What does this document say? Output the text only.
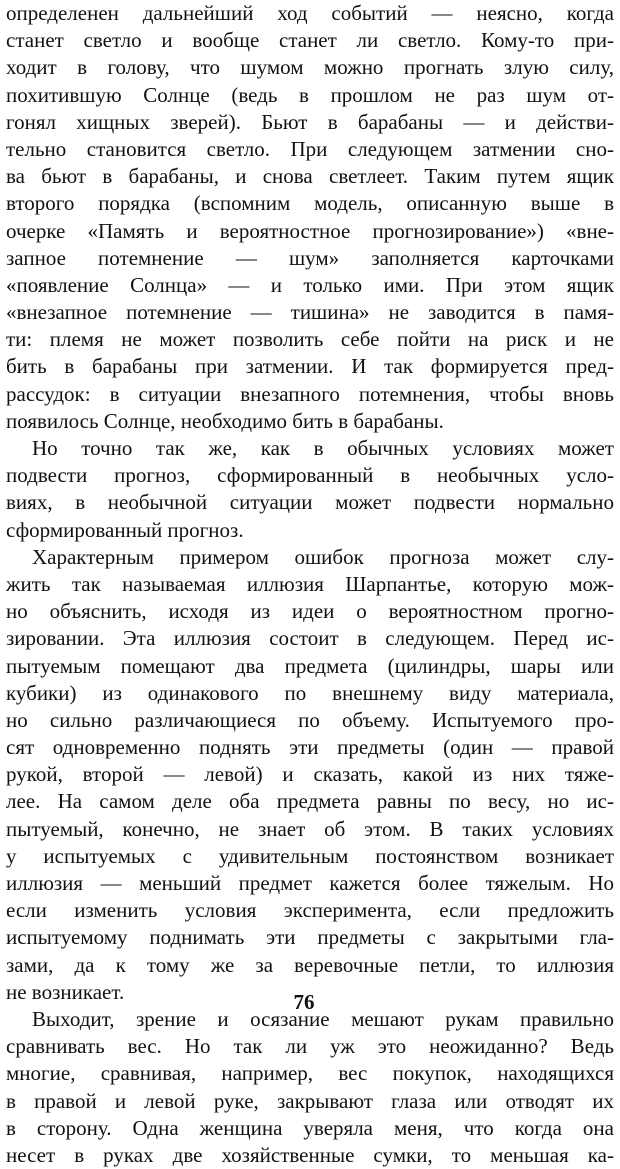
определенен дальнейший ход событий — неясно, когда
станет светло и вообще станет ли светло. Кому-то при-
ходит в голову, что шумом можно прогнать злую силу,
похитившую Солнце (ведь в прошлом не раз шум от-
гонял хищных зверей). Бьют в барабаны — и действи-
тельно становится светло. При следующем затмении сно-
ва бьют в барабаны, и снова светлеет. Таким путем ящик
второго порядка (вспомним модель, описанную выше в
очерке «Память и вероятностное прогнозирование») «вне-
запное потемнение — шум» заполняется карточками
«появление Солнца» — и только ими. При этом ящик
«внезапное потемнение — тишина» не заводится в памя-
ти: племя не может позволить себе пойти на риск и не
бить в барабаны при затмении. И так формируется пред-
рассудок: в ситуации внезапного потемнения, чтобы вновь
появилось Солнце, необходимо бить в барабаны.
Но точно так же, как в обычных условиях может
подвести прогноз, сформированный в необычных усло-
виях, в необычной ситуации может подвести нормально
сформированный прогноз.
Характерным примером ошибок прогноза может слу-
жить так называемая иллюзия Шарпантье, которую мож-
но объяснить, исходя из идеи о вероятностном прогно-
зировании. Эта иллюзия состоит в следующем. Перед ис-
пытуемым помещают два предмета (цилиндры, шары или
кубики) из одинакового по внешнему виду материала,
но сильно различающиеся по объему. Испытуемого про-
сят одновременно поднять эти предметы (один — правой
рукой, второй — левой) и сказать, какой из них тяже-
лее. На самом деле оба предмета равны по весу, но ис-
пытуемый, конечно, не знает об этом. В таких условиях
у испытуемых с удивительным постоянством возникает
иллюзия — меньший предмет кажется более тяжелым. Но
если изменить условия эксперимента, если предложить
испытуемому поднимать эти предметы с закрытыми гла-
зами, да к тому же за веревочные петли, то иллюзия
не возникает.
Выходит, зрение и осязание мешают рукам правильно
сравнивать вес. Но так ли уж это неожиданно? Ведь
многие, сравнивая, например, вес покупок, находящихся
в правой и левой руке, закрывают глаза или отводят их
в сторону. Одна женщина уверяла меня, что когда она
несет в руках две хозяйственные сумки, то меньшая ка-
76
